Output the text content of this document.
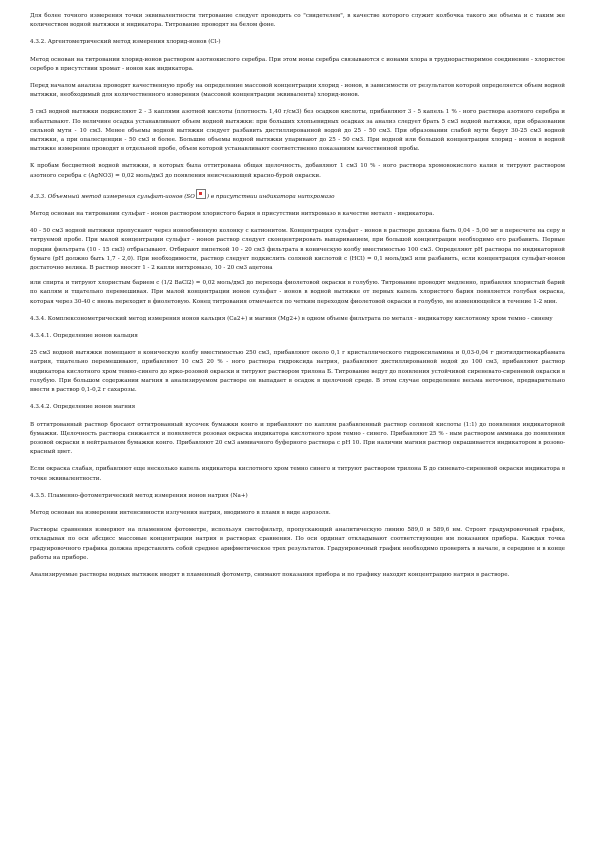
Для более точного измерения точки эквивалентности титрование следует проводить со "свидетелем", в качестве которого служит колбочка такого же объема и с таким же количеством водной вытяжки и индикатора. Титрование проводят на белом фоне.

4.3.2. Аргентометрический метод измерения хлорид-ионов (Cl-)

Метод основан на титровании хлорид-ионов раствором азотнокислого серебра. При этом ионы серебра связываются с ионами хлора в труднорастворимое соединение - хлористое серебро в присутствии хромат - ионов как индикатора.

Перед началом анализа проводят качественную пробу на определение массовой концентрации хлорид - ионов, в зависимости от результатов которой определяется объем водной вытяжки, необходимый для количественного измерения (массовой концентрации эквивалента) хлорид-ионов.

5 см3 водной вытяжки подкисляют 2 - 3 каплями азотной кислоты (плотность 1,40 г/см3) без осадков кислоты, прибавляют 3 - 5 капель 1 % - ного раствора азотного серебра и взбалтывают. По величине осадка устанавливают объем водной вытяжки: при больших хлопьевидных осадках за анализ следует брать 5 см3 водной вытяжки, при образовании сильной мути - 10 см3. Менее объемы водной вытяжки следует разбавить дистиллированной водой до 25 - 50 см3. При образовании слабой мути берут 30-25 см3 водной вытяжки, а при опалесценции - 50 см3 и более. Большие объемы водной вытяжки упаривают до 25 - 50 см3. При водной или большой концентрации хлорид - ионов в водной вытяжке измерение проводят в отдельной пробе, объем которой устанавливают соответственно показаниям качественной пробы.

К пробам бесцветной водной вытяжки, в которых была оттитрована общая щелочность, добавляют 1 см3 10 % - ного раствора хромовокислого калия и титруют раствором азотного серебра с (AgNO3) = 0,02 моль/дм3 до появления неисчезающей красно-бурой окраски.

4.3.3. Объемный метод измерения сульфат-ионов (SO ) в присутствии индикатора нитхромазо

Метод основан на титровании сульфат - ионов раствором хлористого бария в присутствии нитхромазо в качестве металл - индикатора.

40 - 50 см3 водной вытяжки пропускают через ионообменную колонку с катионитом. Концентрация сульфат - ионов в растворе должна быть 0,04 - 5,00 мг в пересчете на серу в титруемой пробе. При малой концентрации сульфат - ионов раствор следует сконцентрировать выпариванием, при большой концентрации необходимо его разбавить. Первые порции фильтрата (10 - 15 см3) отбрасывают. Отбирают пипеткой 10 - 20 см3 фильтрата в коническую колбу вместимостью 100 см3. Определяют pH раствора по индикаторной бумаге (pH должно быть 1,7 - 2,0). При необходимости, раствор следует подкислить соляной кислотой с (HCl) = 0,1 моль/дм3 или разбавить, если концентрация сульфат-ионов достаточно велика. В раствор вносят 1 - 2 капли нитхромазо, 10 - 20 см3 ацетона

или спирта и титруют хлористым барием с (1/2 BaCl2) = 0,02 моль/дм3 до перехода фиолетовой окраски в голубую. Титрование проводят медленно, прибавляя хлористый барий по каплям и тщательно перемешивая. При малой концентрации ионов сульфат - ионов в водной вытяжке от первых капель хлористого бария появляется голубая окраска, которая через 30-40 с вновь переходит в фиолетовую. Конец титрования отмечается по четким переходом фиолетовой окраски в голубую, не изменяющейся в течение 1-2 мин.

4.3.4. Комплексонометрический метод измерения ионов кальция (Ca2+) и магния (Mg2+) в одном объеме фильтрата по металл - индикатору кислотному хром темно - синему

4.3.4.1. Определение ионов кальция

25 см3 водной вытяжки помещают в коническую колбу вместимостью 250 см3, прибавляют около 0,1 г кристаллического гидроксиламина и 0,03-0,04 г диэтилдитиокарбамата натрия, тщательно перемешивают, прибавляют 10 см3 20 % - ного раствора гидроксида натрия, разбавляют дистиллированной водой до 100 см3, прибавляют раствор индикатора кислотного хром темно-синего до ярко-розовой окраски и титруют раствором трилона Б. Титрование ведут до появления устойчивой сиреневато-сиреневой окраски в голубую. При большом содержании магния в анализируемом растворе он выпадает в осадок в щелочной среде. В этом случае определение весьма неточное, предварительно ввести в раствор 0,1-0,2 г сахарозы.

4.3.4.2. Определение ионов магния

В оттитрованный раствор бросают оттитрованный кусочек бумажки конго и прибавляют по каплям разбавленный раствор соляной кислоты (1:1) до появления индикаторной бумажки. Щелочность раствора снижается и появляется розовая окраска индикатора кислотного хром темно - синего. Прибавляют 25 % - ным раствором аммиака до появления розовой окраски в нейтральном бумажки конго. Прибавляют 20 см3 аммиачного буферного раствора с pH 10. При наличии магния раствор окрашивается индикатором в розово-красный цвет.

Если окраска слабая, прибавляют еще несколько капель индикатора кислотного хром темно синего и титруют раствором трилона Б до синевато-сиреневой окраски индикатора в точке эквивалентности.

4.3.5. Пламенно-фотометрический метод измерения ионов натрия (Na+)

Метод основан на измерении интенсивности излучения натрия, вводимого в пламя в виде аэрозоля.

Растворы сравнения измеряют на пламенном фотометре, используя светофильтр, пропускающий аналитическую линию 589,0 и 589,6 нм. Строят градуировочный график, откладывая по оси абсцисс массовые концентрации натрия в растворах сравнения. По оси ординат откладывают соответствующие им показания прибора. Каждая точка градуировочного графика должна представлять собой среднее арифметическое трех результатов. Градуировочный график необходимо проверять в начале, в середине и в конце работы на приборе.

Анализируемые растворы водных вытяжек вводят в пламенный фотометр, снимают показания прибора и по графику находят концентрацию натрия в растворе.
